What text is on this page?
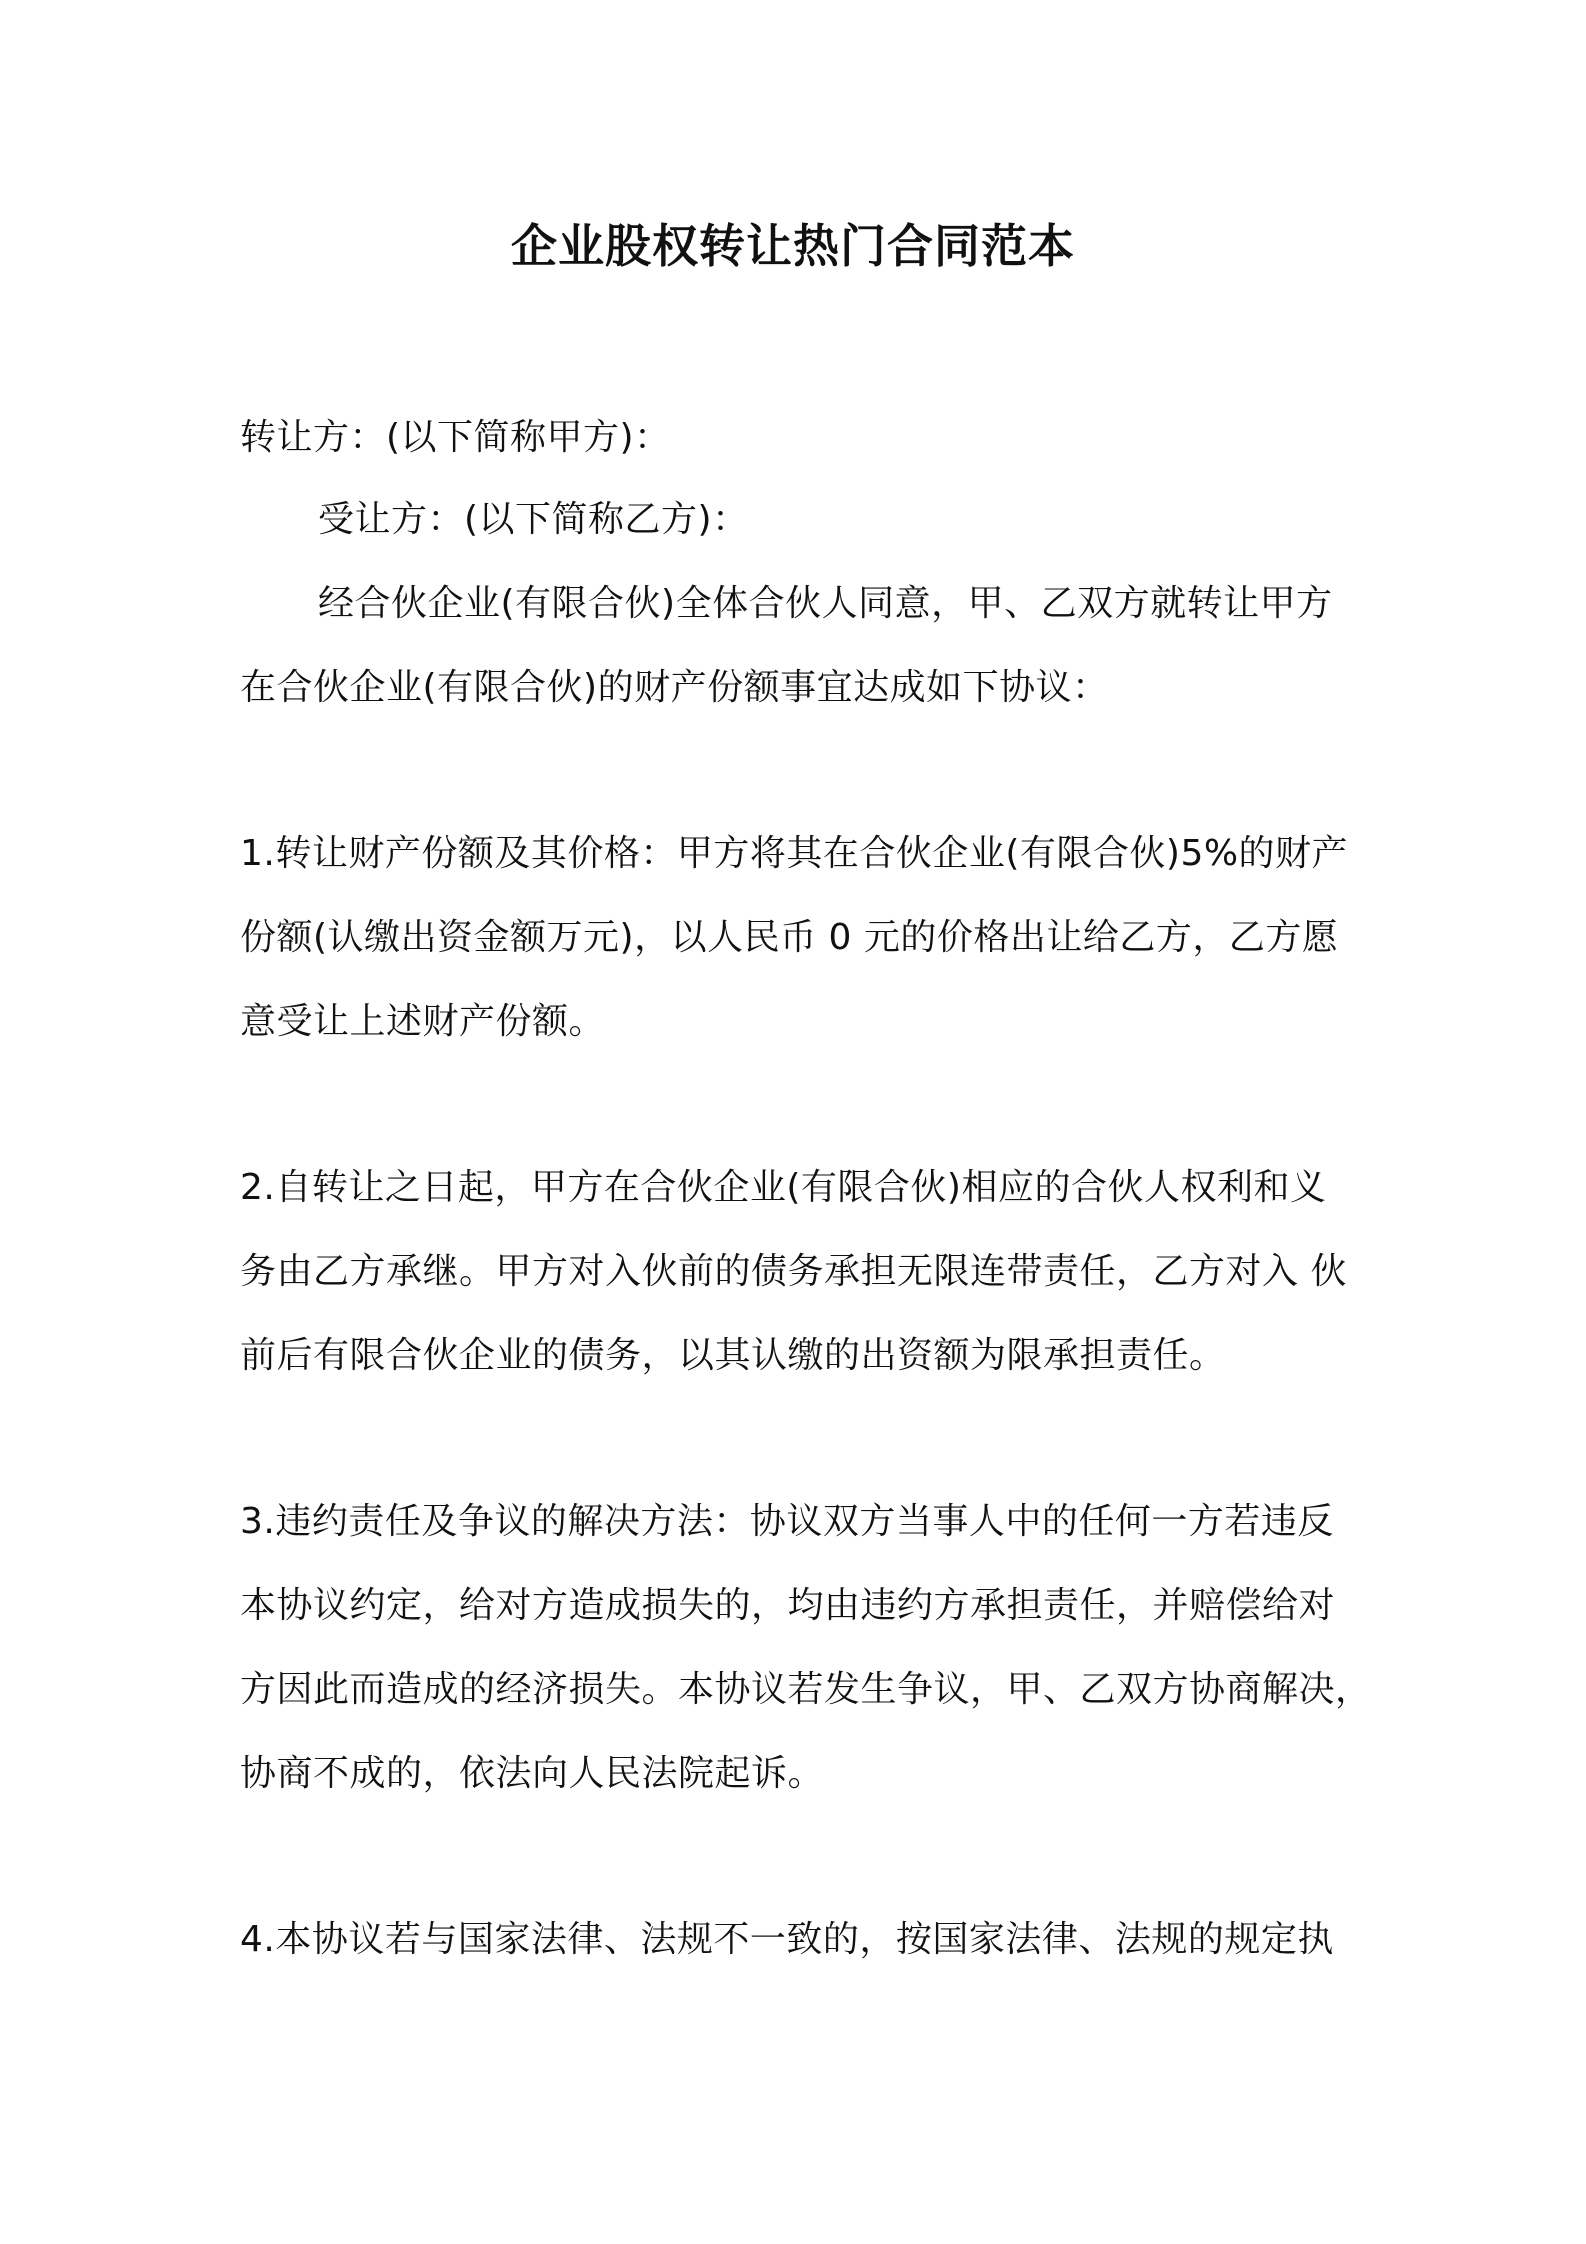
企业股权转让热门合同范本
转让方：(以下简称甲方)：
受让方：(以下简称乙方)：
经合伙企业(有限合伙)全体合伙人同意，甲、乙双方就转让甲方
在合伙企业(有限合伙)的财产份额事宜达成如下协议：
1.转让财产份额及其价格：甲方将其在合伙企业(有限合伙)5%的财产
份额(认缴出资金额万元)，以人民币 0 元的价格出让给乙方，乙方愿
意受让上述财产份额。
2.自转让之日起，甲方在合伙企业(有限合伙)相应的合伙人权利和义
务由乙方承继。甲方对入伙前的债务承担无限连带责任，乙方对入 伙
前后有限合伙企业的债务，以其认缴的出资额为限承担责任。
3.违约责任及争议的解决方法：协议双方当事人中的任何一方若违反
本协议约定，给对方造成损失的，均由违约方承担责任，并赔偿给对
方因此而造成的经济损失。本协议若发生争议，甲、乙双方协商解决，
协商不成的，依法向人民法院起诉。
4.本协议若与国家法律、法规不一致的，按国家法律、法规的规定执
